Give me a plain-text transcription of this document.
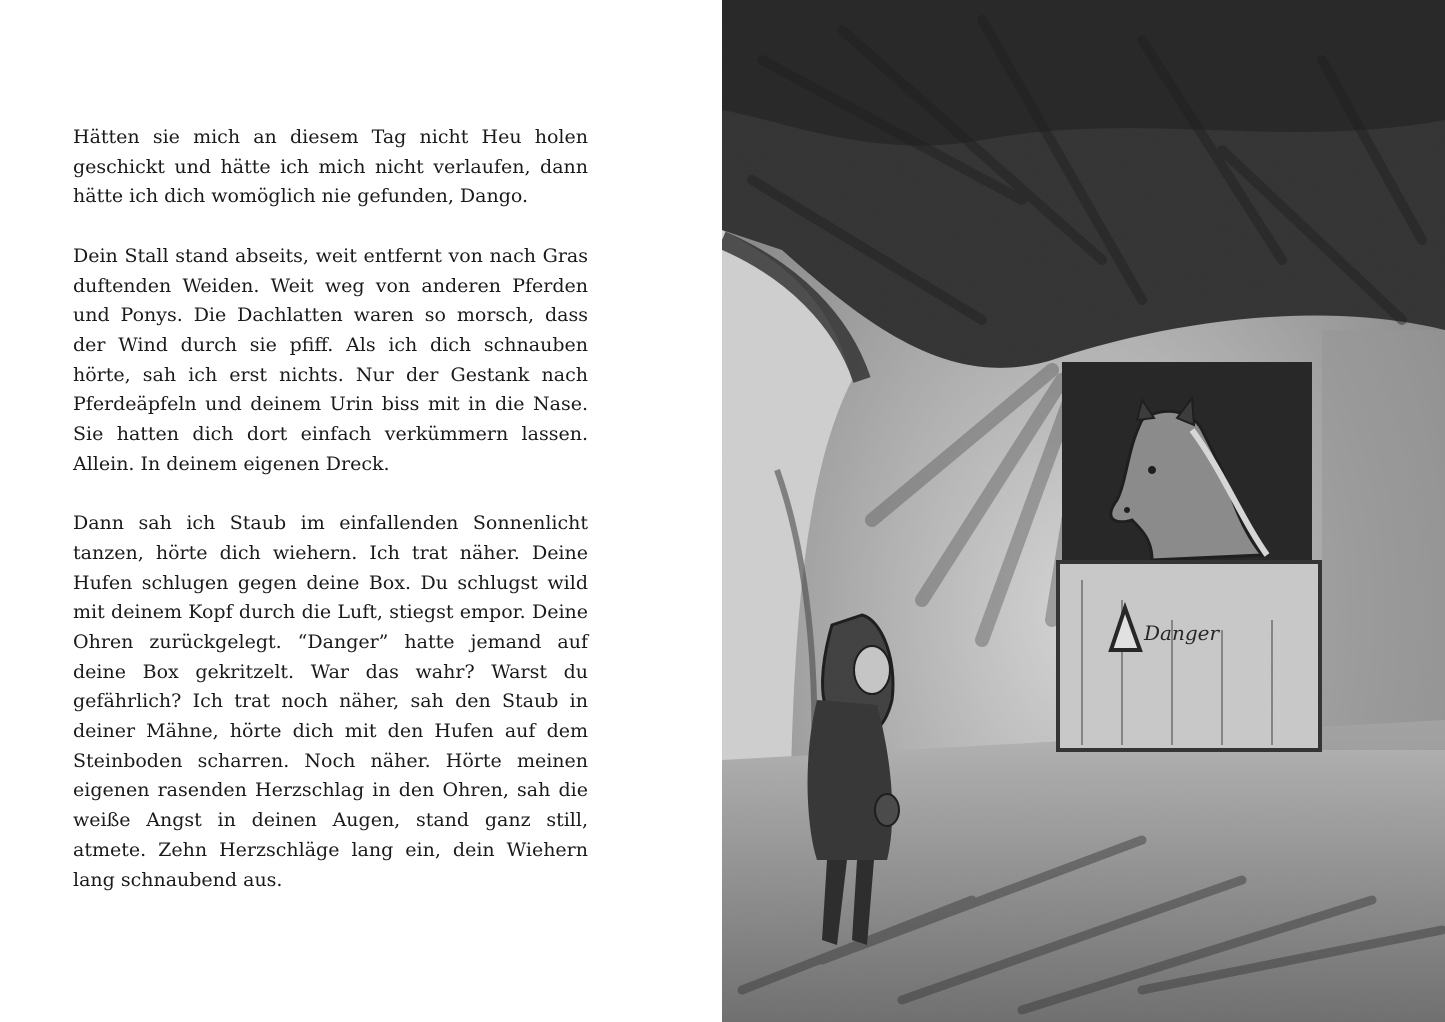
Hätten sie mich an diesem Tag nicht Heu holen geschickt und hätte ich mich nicht verlaufen, dann hätte ich dich womöglich nie gefunden, Dango.

Dein Stall stand abseits, weit entfernt von nach Gras duftenden Weiden. Weit weg von anderen Pferden und Ponys. Die Dachlatten waren so morsch, dass der Wind durch sie pfiff. Als ich dich schnauben hörte, sah ich erst nichts. Nur der Gestank nach Pferdeäpfeln und deinem Urin biss mit in die Nase. Sie hatten dich dort einfach verkümmern lassen. Allein. In deinem eigenen Dreck.

Dann sah ich Staub im einfallenden Sonnenlicht tanzen, hörte dich wiehern. Ich trat näher. Deine Hufen schlugen gegen deine Box. Du schlugst wild mit deinem Kopf durch die Luft, stiegst empor. Deine Ohren zurückgelegt. “Danger” hatte jemand auf deine Box gekritzelt. War das wahr? Warst du gefährlich? Ich trat noch näher, sah den Staub in deiner Mähne, hörte dich mit den Hufen auf dem Steinboden scharren. Noch näher. Hörte meinen eigenen rasenden Herzschlag in den Ohren, sah die weiße Angst in deinen Augen, stand ganz still, atmete. Zehn Herzschläge lang ein, dein Wiehern lang schnaubend aus.

Danger
